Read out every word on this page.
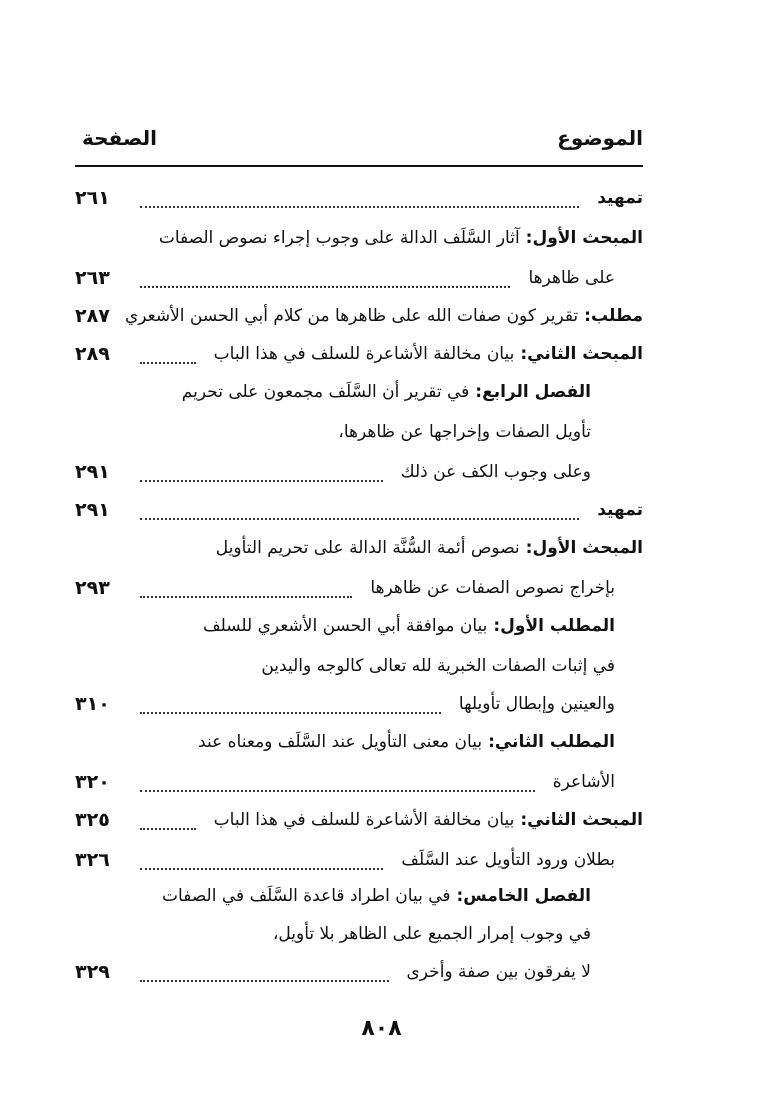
الموضوع
الصفحة
تمهيد
٢٦١
المبحث الأول:آثار السَّلَف الدالة على وجوب إجراء نصوص الصفات
على ظاهرها
٢٦٣
مطلب:تقرير كون صفات الله على ظاهرها من كلام أبي الحسن الأشعري
٢٨٧
المبحث الثاني:بيان مخالفة الأشاعرة للسلف في هذا الباب
٢٨٩
الفصل الرابع:في تقرير أن السَّلَف مجمعون على تحريم
تأويل الصفات وإخراجها عن ظاهرها،
وعلى وجوب الكف عن ذلك
٢٩١
تمهيد
٢٩١
المبحث الأول:نصوص أئمة السُّنَّة الدالة على تحريم التأويل
بإخراج نصوص الصفات عن ظاهرها
٢٩٣
المطلب الأول:بيان موافقة أبي الحسن الأشعري للسلف
في إثبات الصفات الخبرية لله تعالى كالوجه واليدين
والعينين وإبطال تأويلها
٣١٠
المطلب الثاني:بيان معنى التأويل عند السَّلَف ومعناه عند
الأشاعرة
٣٢٠
المبحث الثاني:بيان مخالفة الأشاعرة للسلف في هذا الباب
٣٢٥
بطلان ورود التأويل عند السَّلَف
٣٢٦
الفصل الخامس:في بيان اطراد قاعدة السَّلَف في الصفات
في وجوب إمرار الجميع على الظاهر بلا تأويل،
لا يفرقون بين صفة وأخرى
٣٢٩
٨٠٨
